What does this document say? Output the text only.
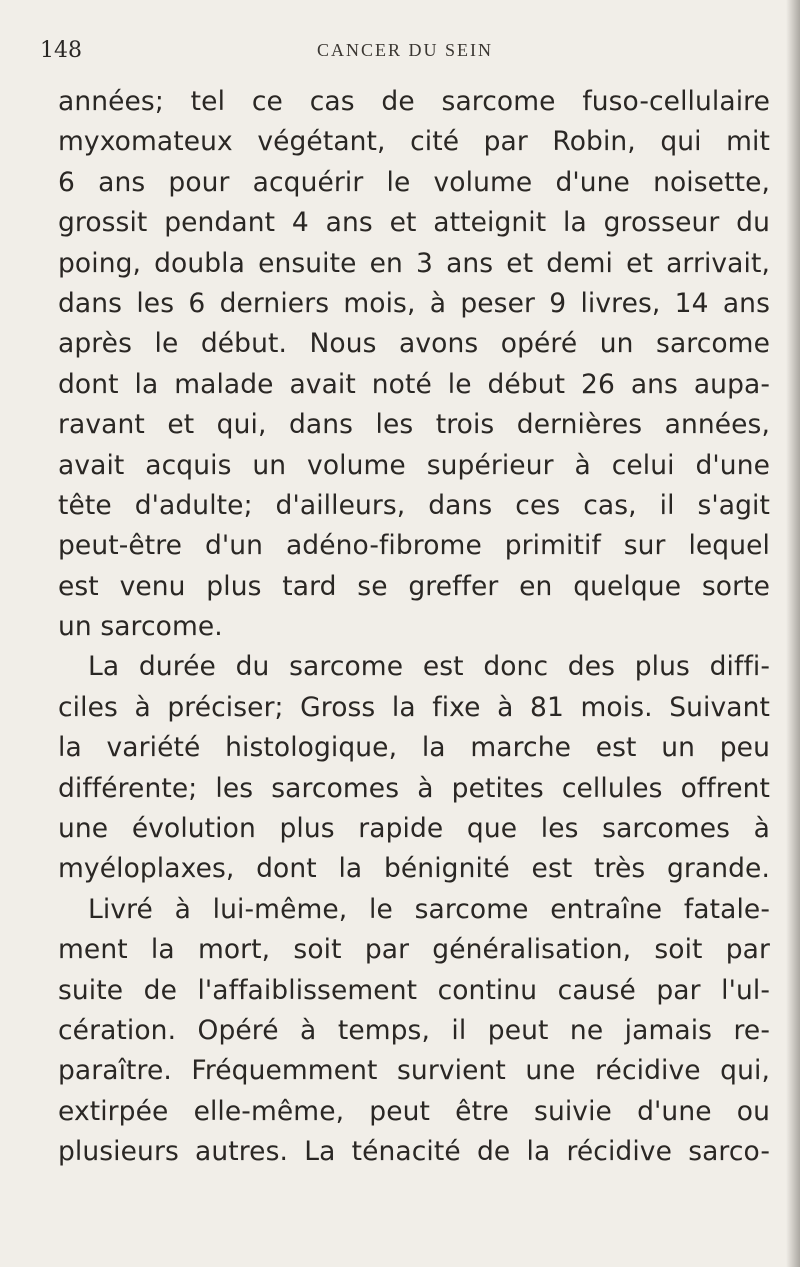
148	CANCER DU SEIN
années; tel ce cas de sarcome fuso-cellulaire
myxomateux végétant, cité par Robin, qui mit
6 ans pour acquérir le volume d'une noisette,
grossit pendant 4 ans et atteignit la grosseur du
poing, doubla ensuite en 3 ans et demi et arrivait,
dans les 6 derniers mois, à peser 9 livres, 14 ans
après le début. Nous avons opéré un sarcome
dont la malade avait noté le début 26 ans aupa-
ravant et qui, dans les trois dernières années,
avait acquis un volume supérieur à celui d'une
tête d'adulte; d'ailleurs, dans ces cas, il s'agit
peut-être d'un adéno-fibrome primitif sur lequel
est venu plus tard se greffer en quelque sorte
un sarcome.
La durée du sarcome est donc des plus diffi-
ciles à préciser; Gross la fixe à 81 mois. Suivant
la variété histologique, la marche est un peu
différente; les sarcomes à petites cellules offrent
une évolution plus rapide que les sarcomes à
myéloplaxes, dont la bénignité est très grande.
Livré à lui-même, le sarcome entraîne fatale-
ment la mort, soit par généralisation, soit par
suite de l'affaiblissement continu causé par l'ul-
cération. Opéré à temps, il peut ne jamais re-
paraître. Fréquemment survient une récidive qui,
extirpée elle-même, peut être suivie d'une ou
plusieurs autres. La ténacité de la récidive sarco-
